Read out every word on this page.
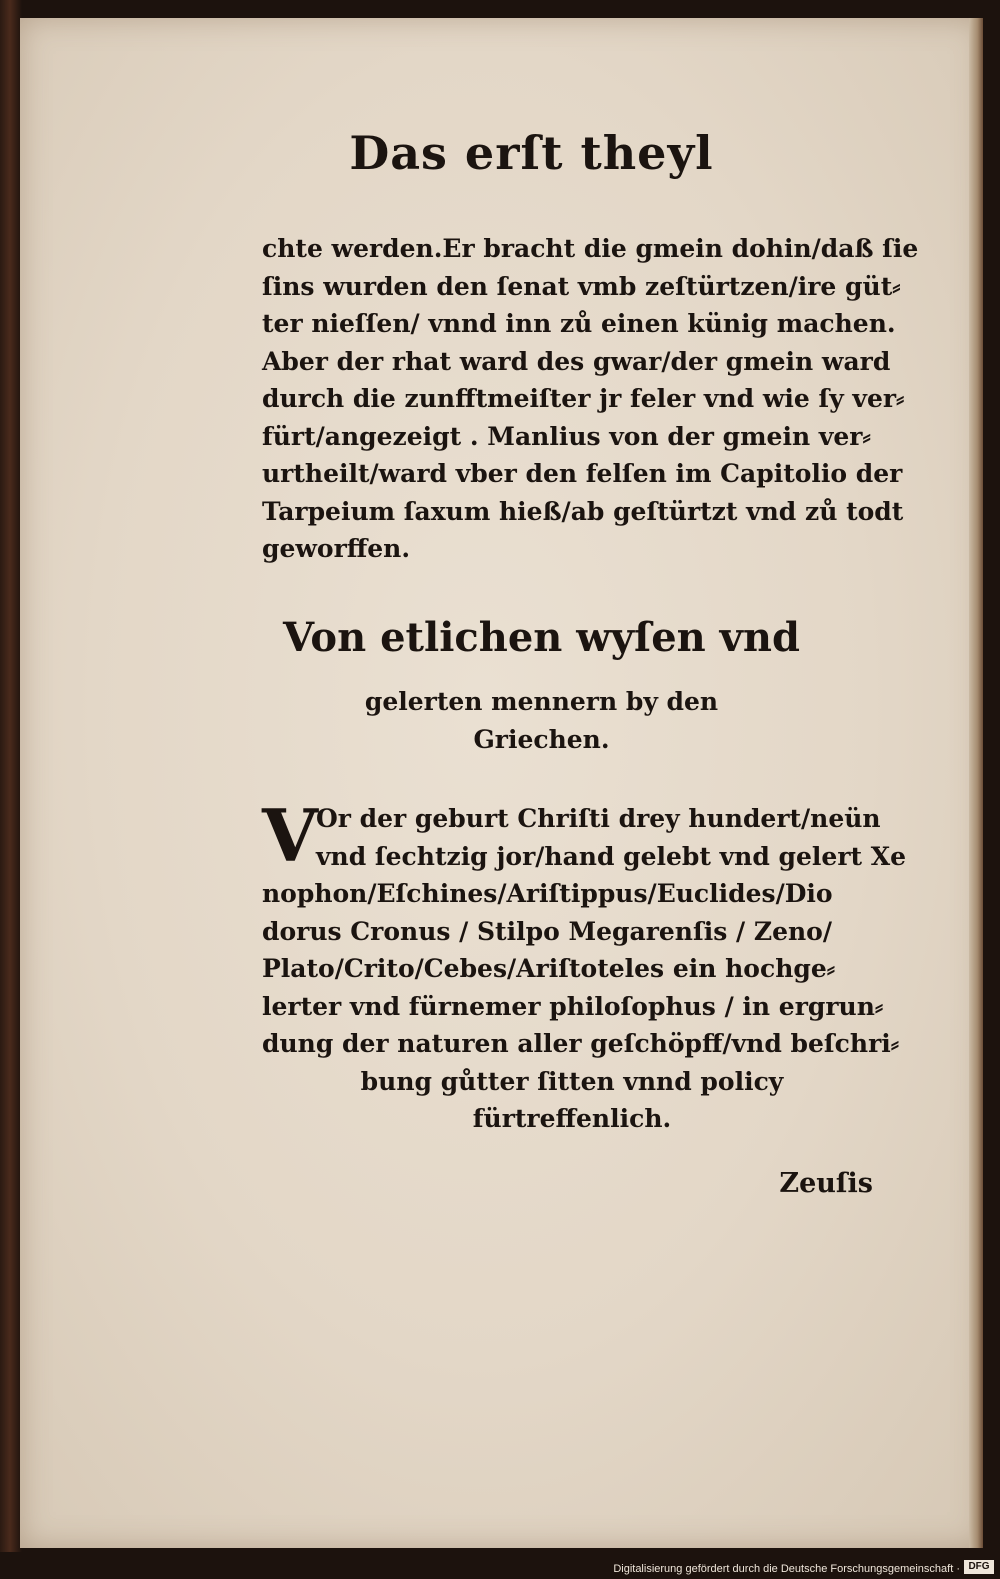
Das erſt theyl
chte werden.Er bracht die gmein dohin/daß ſie
ſins wurden den ſenat vmb zeſtürtzen/ire güt⸗
ter nieſſen/ vnnd inn zů einen künig machen.
Aber der rhat ward des gwar/der gmein ward
durch die zunfftmeiſter jr feler vnd wie ſy ver⸗
fürt/angezeigt . Manlius von der gmein ver⸗
urtheilt/ward vber den felſen im Capitolio der
Tarpeium ſaxum hieß/ab geſtürtzt vnd zů todt
geworffen.
Von etlichen wyſen vnd
gelerten mennern by den
Griechen.
V
Or der geburt Chriſti drey hundert/neün
vnd ſechtzig jor/hand gelebt vnd gelert Xe
nophon/Eſchines/Ariſtippus/Euclides/Dio
dorus Cronus / Stilpo Megarenſis / Zeno/
Plato/Crito/Cebes/Ariſtoteles ein hochge⸗
lerter vnd fürnemer philoſophus / in ergrun⸗
dung der naturen aller geſchöpff/vnd beſchri⸗
bung gůtter ſitten vnnd policy
fürtreffenlich.
Zeuſis
Digitalisierung gefördert durch die Deutsche Forschungsgemeinschaft · DFG
